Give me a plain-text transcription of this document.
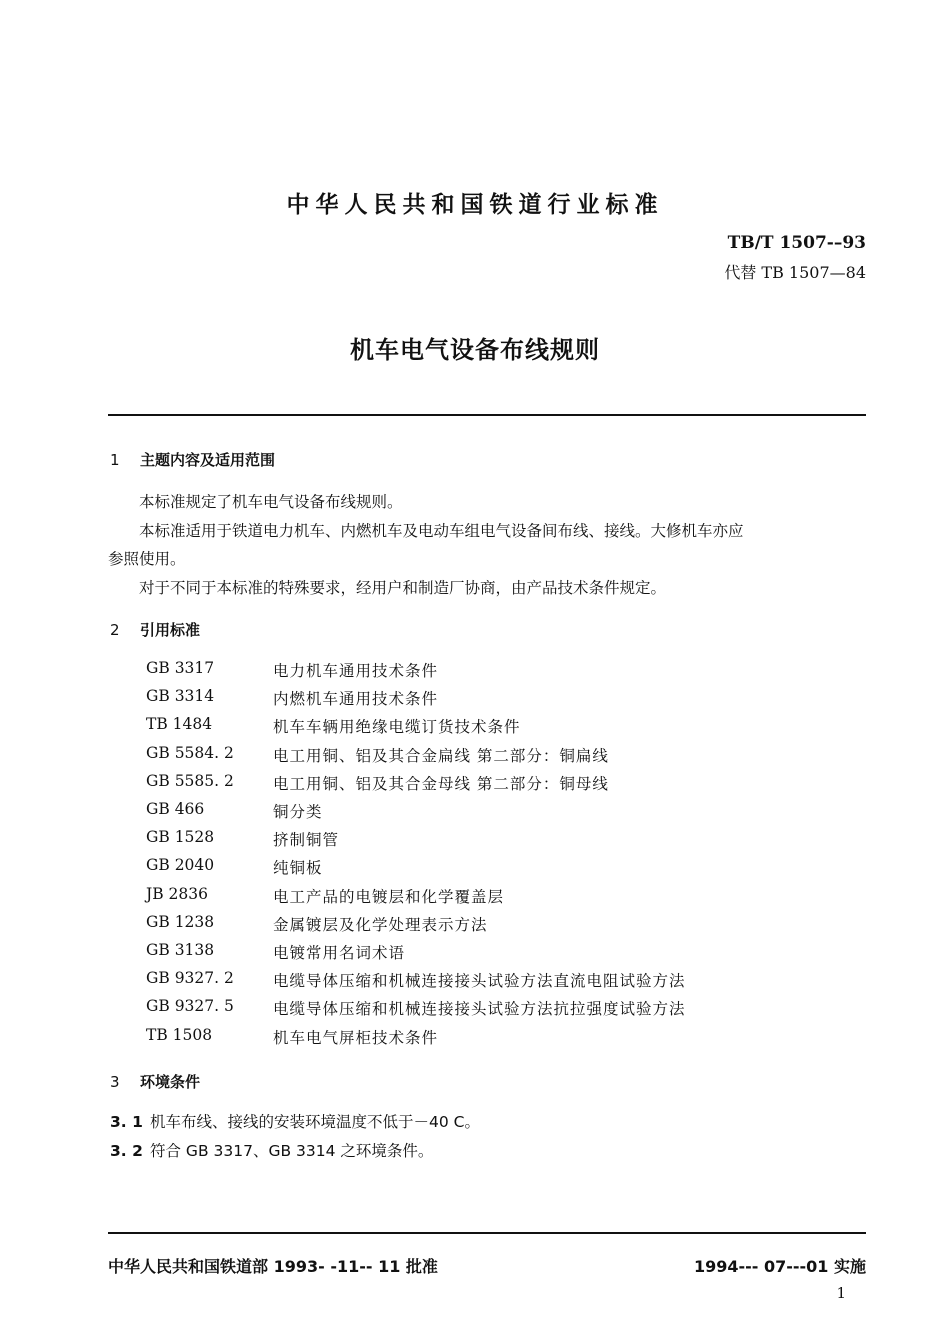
中华人民共和国铁道行业标准
TB/T 1507-–93
代替 TB 1507—84
机车电气设备布线规则
1 主题内容及适用范围
本标准规定了机车电气设备布线规则。
本标准适用于铁道电力机车、内燃机车及电动车组电气设备间布线、接线。大修机车亦应
参照使用。
对于不同于本标准的特殊要求，经用户和制造厂协商，由产品技术条件规定。
2 引用标准
GB 3317	电力机车通用技术条件
GB 3314	内燃机车通用技术条件
TB 1484	机车车辆用绝缘电缆订货技术条件
GB 5584. 2	电工用铜、铝及其合金扁线 第二部分：铜扁线
GB 5585. 2	电工用铜、铝及其合金母线 第二部分：铜母线
GB 466	铜分类
GB 1528	挤制铜管
GB 2040	纯铜板
JB 2836	电工产品的电镀层和化学覆盖层
GB 1238	金属镀层及化学处理表示方法
GB 3138	电镀常用名词术语
GB 9327. 2	电缆导体压缩和机械连接接头试验方法直流电阻试验方法
GB 9327. 5	电缆导体压缩和机械连接接头试验方法抗拉强度试验方法
TB 1508	机车电气屏柜技术条件
3 环境条件
3. 1 机车布线、接线的安装环境温度不低于－40 C。
3. 2 符合 GB 3317、GB 3314 之环境条件。
中华人民共和国铁道部 1993- -11-- 11 批准	1994--- 07---01 实施
1
